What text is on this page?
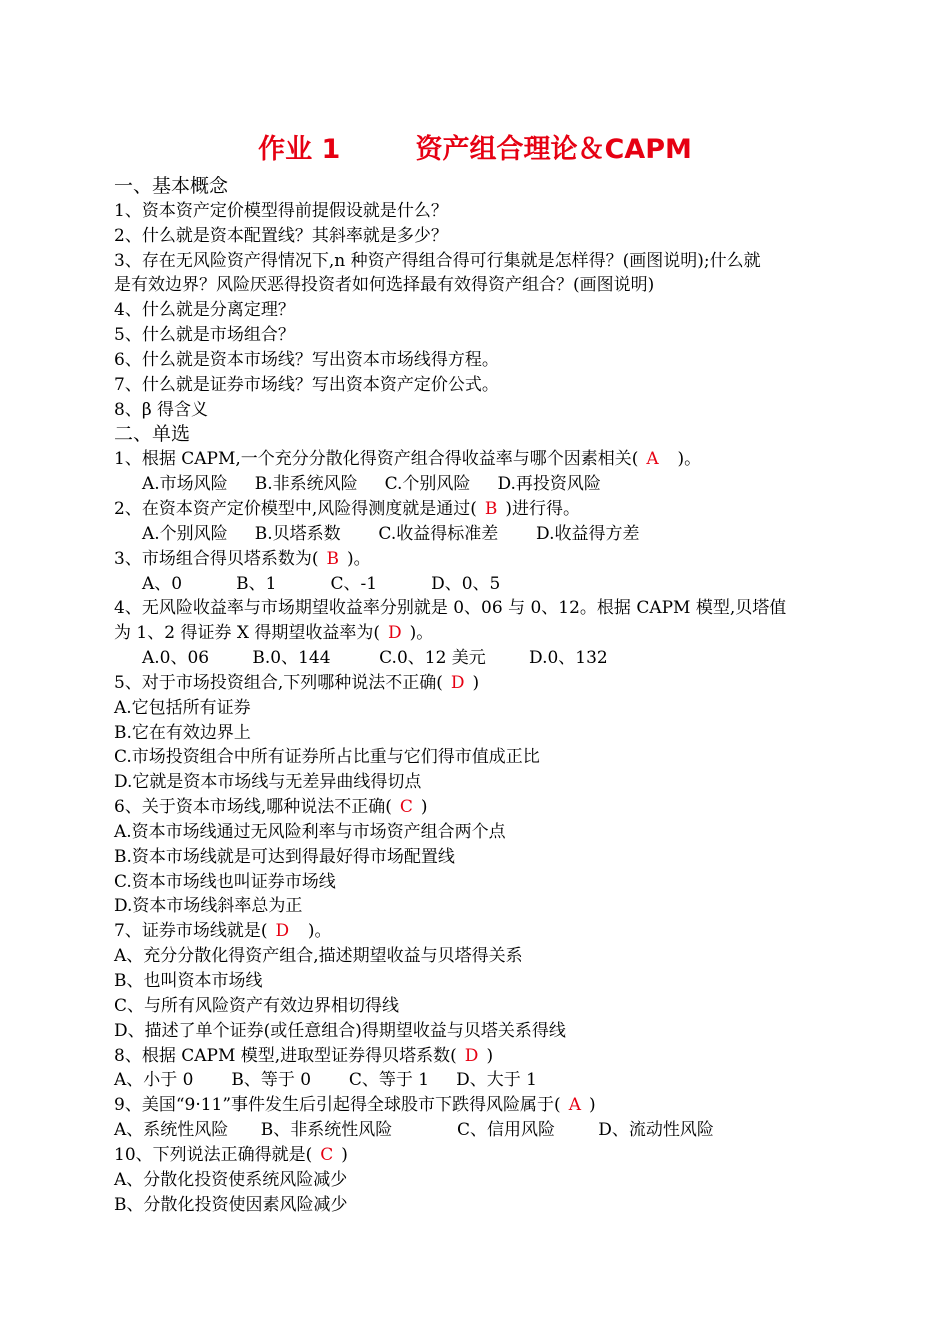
作业 1        资产组合理论＆CAPM
一、基本概念
1、资本资产定价模型得前提假设就是什么？
2、什么就是资本配置线？其斜率就是多少？
3、存在无风险资产得情况下,n 种资产得组合得可行集就是怎样得？(画图说明);什么就
是有效边界？风险厌恶得投资者如何选择最有效得资产组合？(画图说明)
4、什么就是分离定理？
5、什么就是市场组合？
6、什么就是资本市场线？写出资本市场线得方程。
7、什么就是证券市场线？写出资本资产定价公式。
8、β 得含义
二、单选
1、根据 CAPM,一个充分分散化得资产组合得收益率与哪个因素相关( A  )。
A.市场风险     B.非系统风险     C.个别风险     D.再投资风险
2、在资本资产定价模型中,风险得测度就是通过( B )进行得。
A.个别风险     B.贝塔系数       C.收益得标准差       D.收益得方差
3、市场组合得贝塔系数为( B )。
A、0          B、1          C、-1          D、0、5
4、无风险收益率与市场期望收益率分别就是 0、06 与 0、12。根据 CAPM 模型,贝塔值
为 1、2 得证券 X 得期望收益率为( D )。
A.0、06        B.0、144         C.0、12 美元        D.0、132
5、对于市场投资组合,下列哪种说法不正确( D )
A.它包括所有证券
B.它在有效边界上
C.市场投资组合中所有证券所占比重与它们得市值成正比
D.它就是资本市场线与无差异曲线得切点
6、关于资本市场线,哪种说法不正确( C )
A.资本市场线通过无风险利率与市场资产组合两个点
B.资本市场线就是可达到得最好得市场配置线
C.资本市场线也叫证券市场线
D.资本市场线斜率总为正
7、证券市场线就是( D  )。
A、充分分散化得资产组合,描述期望收益与贝塔得关系
B、也叫资本市场线
C、与所有风险资产有效边界相切得线
D、描述了单个证券(或任意组合)得期望收益与贝塔关系得线
8、根据 CAPM 模型,进取型证券得贝塔系数( D )
A、小于 0       B、等于 0       C、等于 1     D、大于 1
9、美国“9·11”事件发生后引起得全球股市下跌得风险属于( A )
A、系统性风险      B、非系统性风险            C、信用风险        D、流动性风险
10、下列说法正确得就是( C )
A、分散化投资使系统风险减少
B、分散化投资使因素风险减少
